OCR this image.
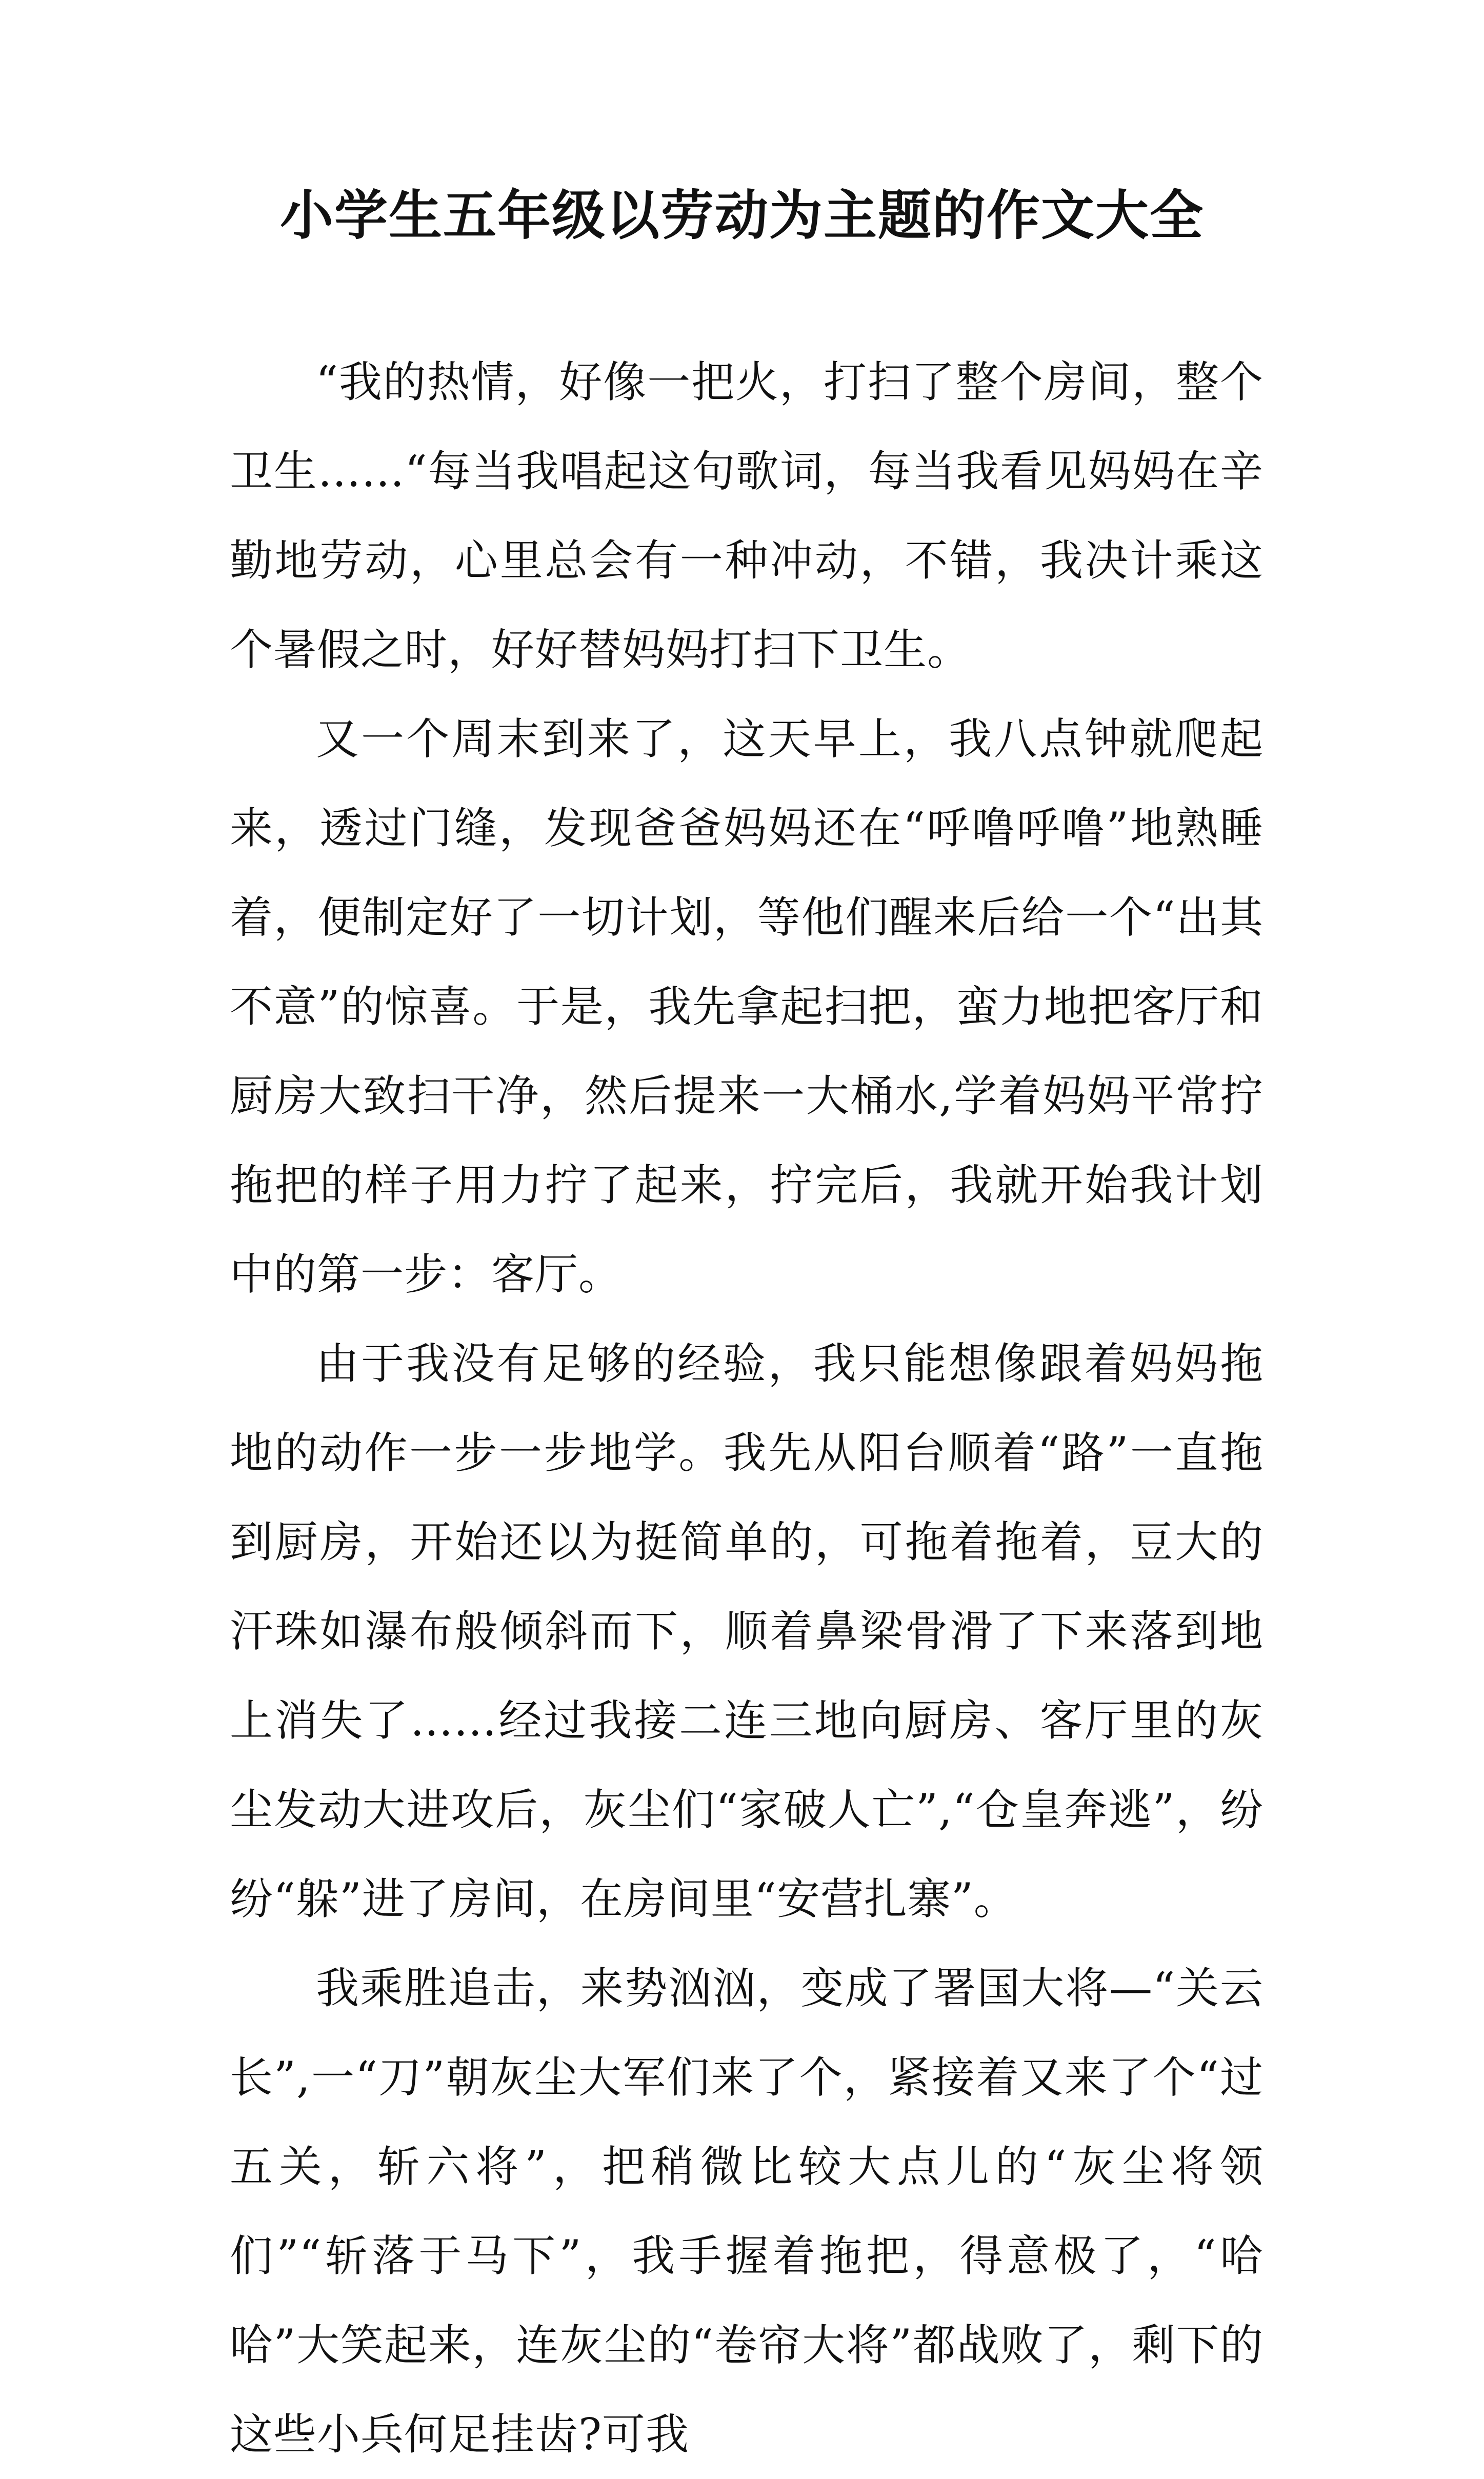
小学生五年级以劳动为主题的作文大全

“我的热情，好像一把火，打扫了整个房间，整个卫生……“每当我唱起这句歌词，每当我看见妈妈在辛勤地劳动，心里总会有一种冲动，不错，我决计乘这个暑假之时，好好替妈妈打扫下卫生。

又一个周末到来了，这天早上，我八点钟就爬起来，透过门缝，发现爸爸妈妈还在“呼噜呼噜”地熟睡着，便制定好了一切计划，等他们醒来后给一个“出其不意”的惊喜。于是，我先拿起扫把，蛮力地把客厅和厨房大致扫干净，然后提来一大桶水,学着妈妈平常拧拖把的样子用力拧了起来，拧完后，我就开始我计划中的第一步：客厅。

由于我没有足够的经验，我只能想像跟着妈妈拖地的动作一步一步地学。我先从阳台顺着“路”一直拖到厨房，开始还以为挺简单的，可拖着拖着，豆大的汗珠如瀑布般倾斜而下，顺着鼻梁骨滑了下来落到地上消失了……经过我接二连三地向厨房、客厅里的灰尘发动大进攻后，灰尘们“家破人亡”,“仓皇奔逃”，纷纷“躲”进了房间，在房间里“安营扎寨”。

我乘胜追击，来势汹汹，变成了署国大将—“关云长”,一“刀”朝灰尘大军们来了个，紧接着又来了个“过五关，斩六将”，把稍微比较大点儿的“灰尘将领们”“斩落于马下”，我手握着拖把，得意极了，“哈哈”大笑起来，连灰尘的“卷帘大将”都战败了，剩下的这些小兵何足挂齿?可我
